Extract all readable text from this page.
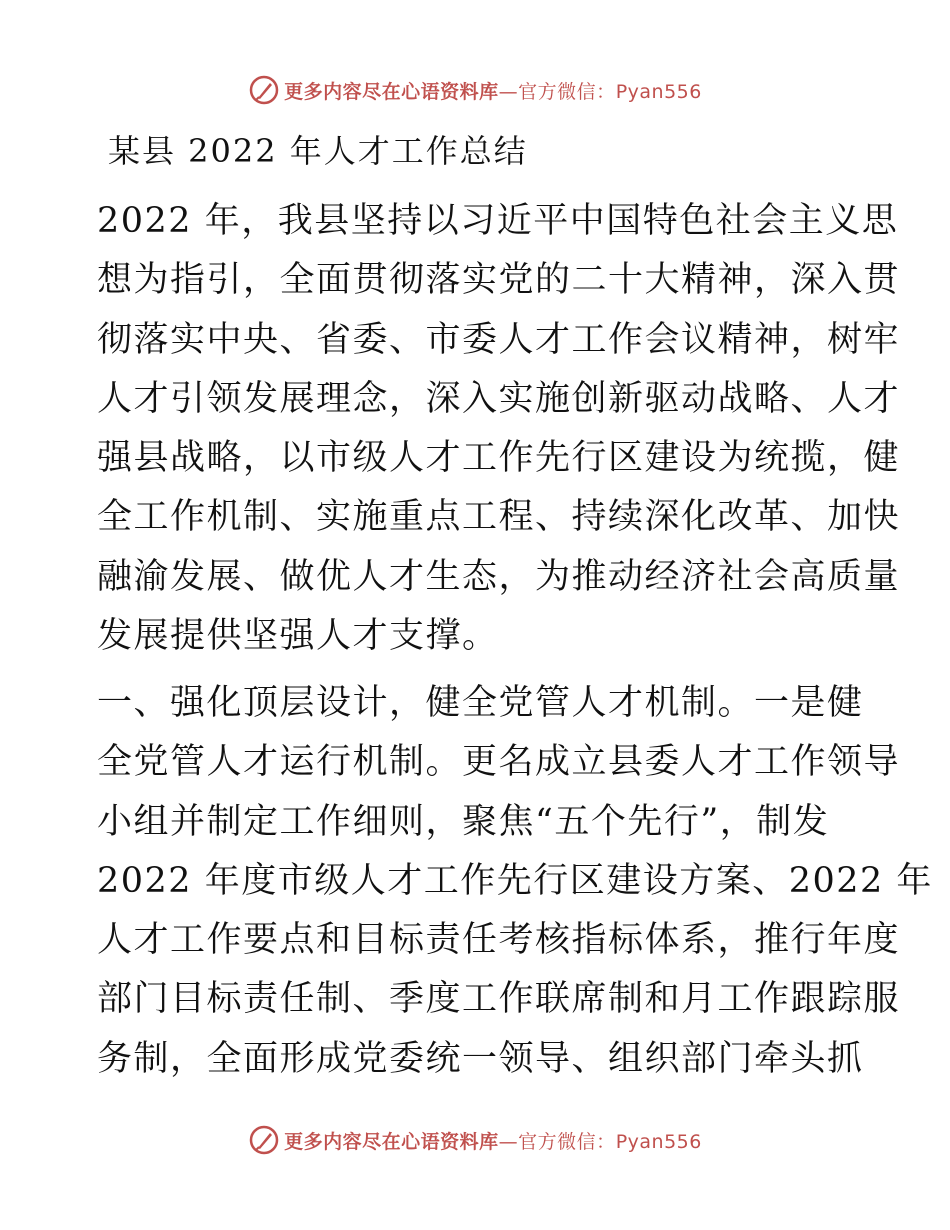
更多内容尽在心语资料库—官方微信：Pyan556
某县 2022 年人才工作总结
2022 年，我县坚持以习近平中国特色社会主义思
想为指引，全面贯彻落实党的二十大精神，深入贯
彻落实中央、省委、市委人才工作会议精神，树牢
人才引领发展理念，深入实施创新驱动战略、人才
强县战略，以市级人才工作先行区建设为统揽，健
全工作机制、实施重点工程、持续深化改革、加快
融渝发展、做优人才生态，为推动经济社会高质量
发展提供坚强人才支撑。
一、强化顶层设计，健全党管人才机制。一是健
全党管人才运行机制。更名成立县委人才工作领导
小组并制定工作细则，聚焦“五个先行”，制发
2022 年度市级人才工作先行区建设方案、2022 年
人才工作要点和目标责任考核指标体系，推行年度
部门目标责任制、季度工作联席制和月工作跟踪服
务制，全面形成党委统一领导、组织部门牵头抓
更多内容尽在心语资料库—官方微信：Pyan556
